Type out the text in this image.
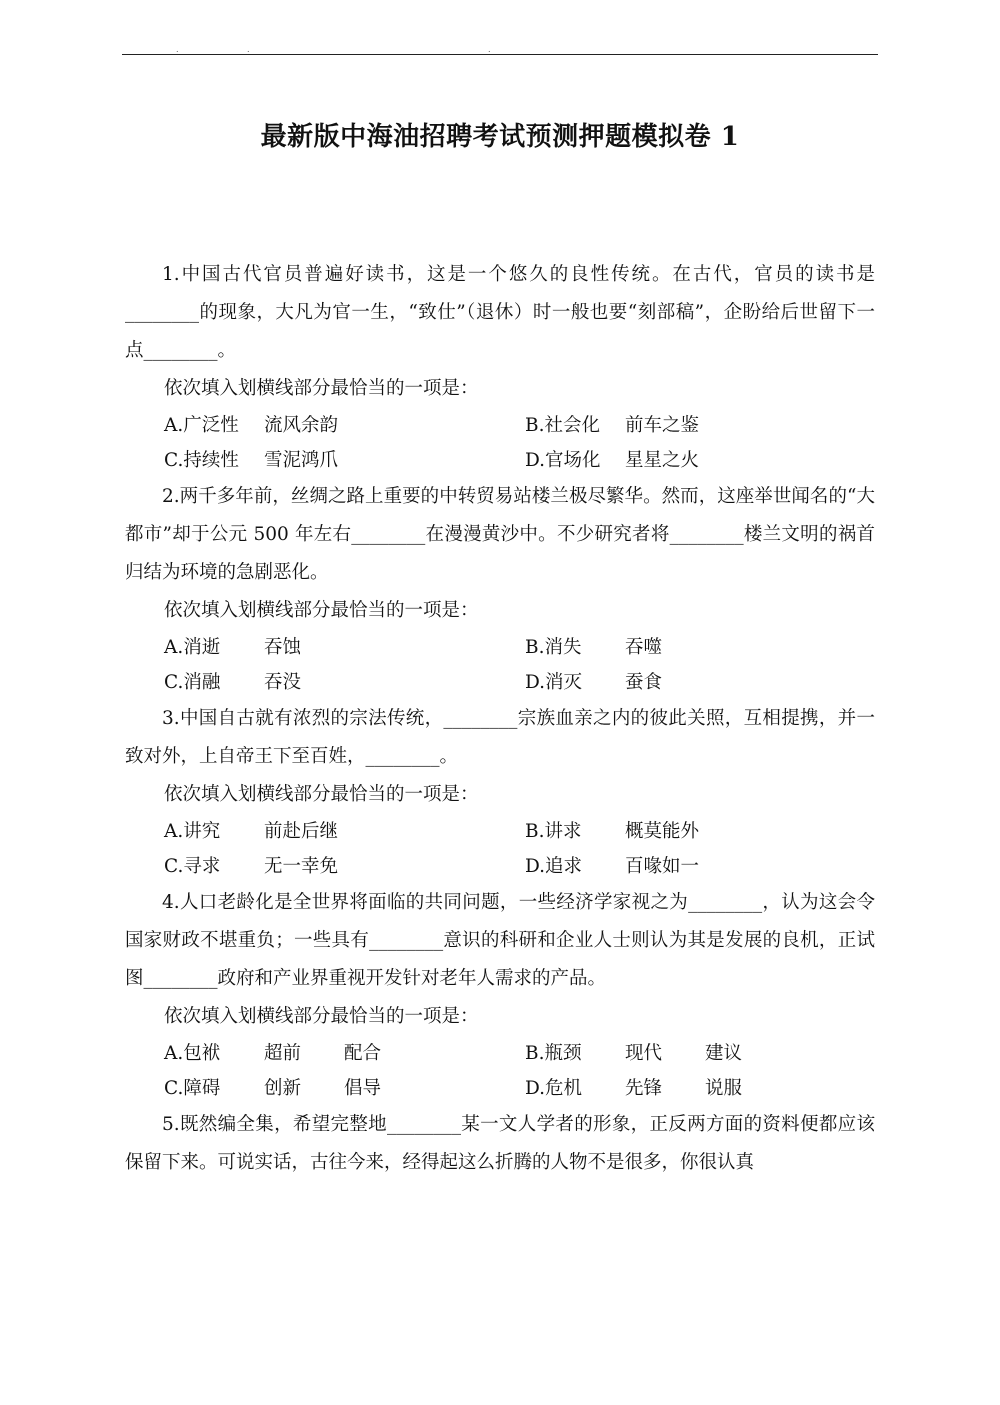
.	.	.
最新版中海油招聘考试预测押题模拟卷 1

1.中国古代官员普遍好读书，这是一个悠久的良性传统。在古代，官员的读书是________的现象，大凡为官一生，“致仕”（退休）时一般也要“刻部稿”，企盼给后世留下一点________。

依次填入划横线部分最恰当的一项是：

A.广泛性	流风余韵	B.社会化	前车之鉴
C.持续性	雪泥鸿爪	D.官场化	星星之火

2.两千多年前，丝绸之路上重要的中转贸易站楼兰极尽繁华。然而，这座举世闻名的“大都市”却于公元 500 年左右________在漫漫黄沙中。不少研究者将________楼兰文明的祸首归结为环境的急剧恶化。

依次填入划横线部分最恰当的一项是：

A.消逝	吞蚀	B.消失	吞噬
C.消融	吞没	D.消灭	蚕食

3.中国自古就有浓烈的宗法传统，________宗族血亲之内的彼此关照，互相提携，并一致对外，上自帝王下至百姓，________。

依次填入划横线部分最恰当的一项是：

A.讲究	前赴后继	B.讲求	概莫能外
C.寻求	无一幸免	D.追求	百喙如一

4.人口老龄化是全世界将面临的共同问题，一些经济学家视之为________，认为这会令国家财政不堪重负；一些具有________意识的科研和企业人士则认为其是发展的良机，正试图________政府和产业界重视开发针对老年人需求的产品。

依次填入划横线部分最恰当的一项是：

A.包袱	超前	配合	B.瓶颈	现代	建议
C.障碍	创新	倡导	D.危机	先锋	说服

5.既然编全集，希望完整地________某一文人学者的形象，正反两方面的资料便都应该保留下来。可说实话，古往今来，经得起这么折腾的人物不是很多，你很认真
